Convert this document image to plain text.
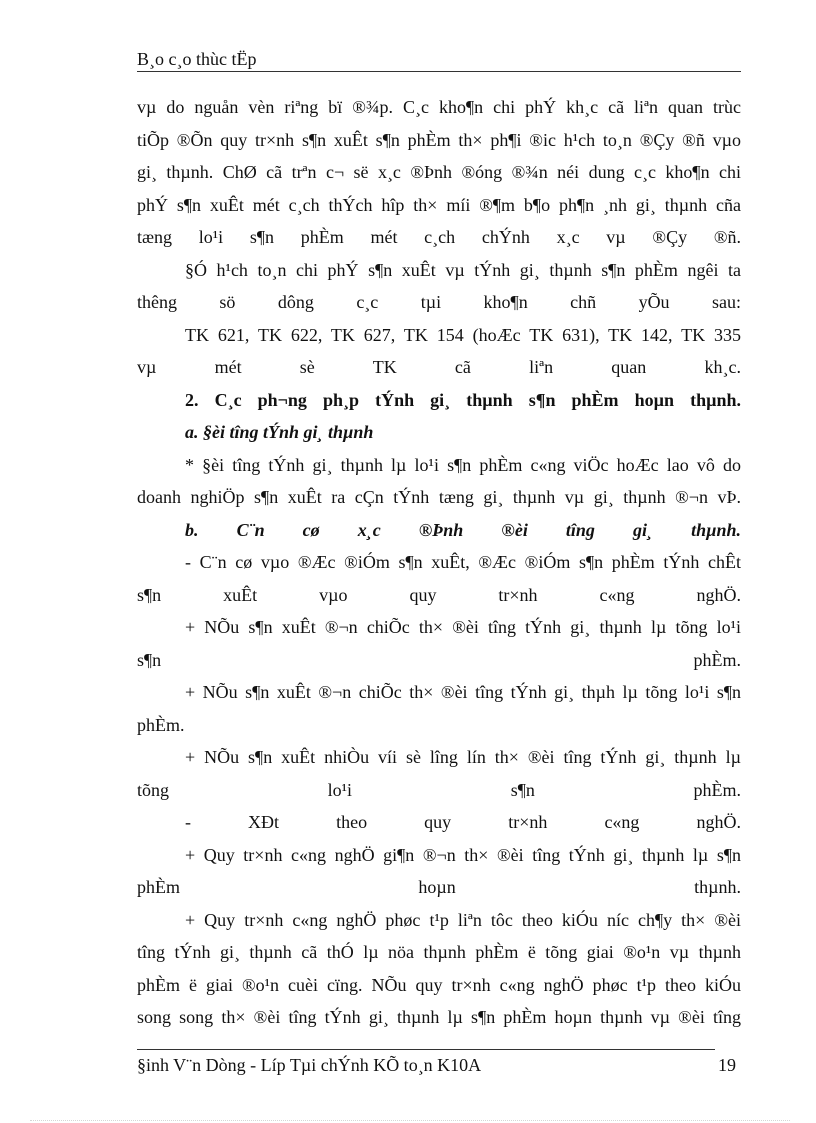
B¸o c¸o thùc tËp
vµ do nguån vèn riªng bï ®¾p. C¸c kho¶n chi phÝ kh¸c cã liªn quan trùc
tiÕp ®Õn quy tr×nh s¶n xuÊt s¶n phÈm th× ph¶i ®ic h¹ch to¸n ®Çy ®ñ vµo
gi¸ thµnh. ChØ cã trªn c¬ së x¸c ®Þnh ®óng ®¾n néi dung c¸c kho¶n chi
phÝ s¶n xuÊt mét c¸ch thÝch hîp th× míi ®¶m b¶o ph¶n ¸nh gi¸ thµnh cña
tæng lo¹i s¶n phÈm mét c¸ch chÝnh x¸c vµ ®Çy ®ñ.
§Ó h¹ch to¸n chi phÝ s¶n xuÊt vµ tÝnh gi¸ thµnh s¶n phÈm ngêi ta
thêng sö dông c¸c tµi kho¶n chñ yÕu sau:
TK 621, TK 622, TK 627, TK 154 (hoÆc TK 631), TK 142, TK 335
vµ mét sè TK cã liªn quan kh¸c.
2. C¸c ph¬ng ph¸p tÝnh gi¸ thµnh s¶n phÈm hoµn thµnh.
a. §èi tîng tÝnh gi¸ thµnh
* §èi tîng tÝnh gi¸ thµnh lµ lo¹i s¶n phÈm c«ng viÖc hoÆc lao vô do
doanh nghiÖp s¶n xuÊt ra cÇn tÝnh tæng gi¸ thµnh vµ gi¸ thµnh ®¬n vÞ.
b. C¨n cø x¸c ®Þnh ®èi tîng gi¸ thµnh.
- C¨n cø vµo ®Æc ®iÓm s¶n xuÊt, ®Æc ®iÓm s¶n phÈm tÝnh chÊt
s¶n xuÊt vµo quy tr×nh c«ng nghÖ.
+ NÕu s¶n xuÊt ®¬n chiÕc th× ®èi tîng tÝnh gi¸ thµnh lµ tõng lo¹i
s¶n phÈm.
+ NÕu s¶n xuÊt ®¬n chiÕc th× ®èi tîng tÝnh gi¸ thµh lµ tõng lo¹i s¶n
phÈm.
+ NÕu s¶n xuÊt nhiÒu víi sè lîng lín th× ®èi tîng tÝnh gi¸ thµnh lµ
tõng lo¹i s¶n phÈm.
- XÐt theo quy tr×nh c«ng nghÖ.
+ Quy tr×nh c«ng nghÖ gi¶n ®¬n th× ®èi tîng tÝnh gi¸ thµnh lµ s¶n
phÈm hoµn thµnh.
+ Quy tr×nh c«ng nghÖ phøc t¹p liªn tôc theo kiÓu níc ch¶y th× ®èi
tîng tÝnh gi¸ thµnh cã thÓ lµ nöa thµnh phÈm ë tõng giai ®o¹n vµ thµnh
phÈm ë giai ®o¹n cuèi cïng. NÕu quy tr×nh c«ng nghÖ phøc t¹p theo kiÓu
song song th× ®èi tîng tÝnh gi¸ thµnh lµ s¶n phÈm hoµn thµnh vµ ®èi tîng
§inh V¨n Dòng - Líp Tµi chÝnh KÕ to¸n K10A	19
